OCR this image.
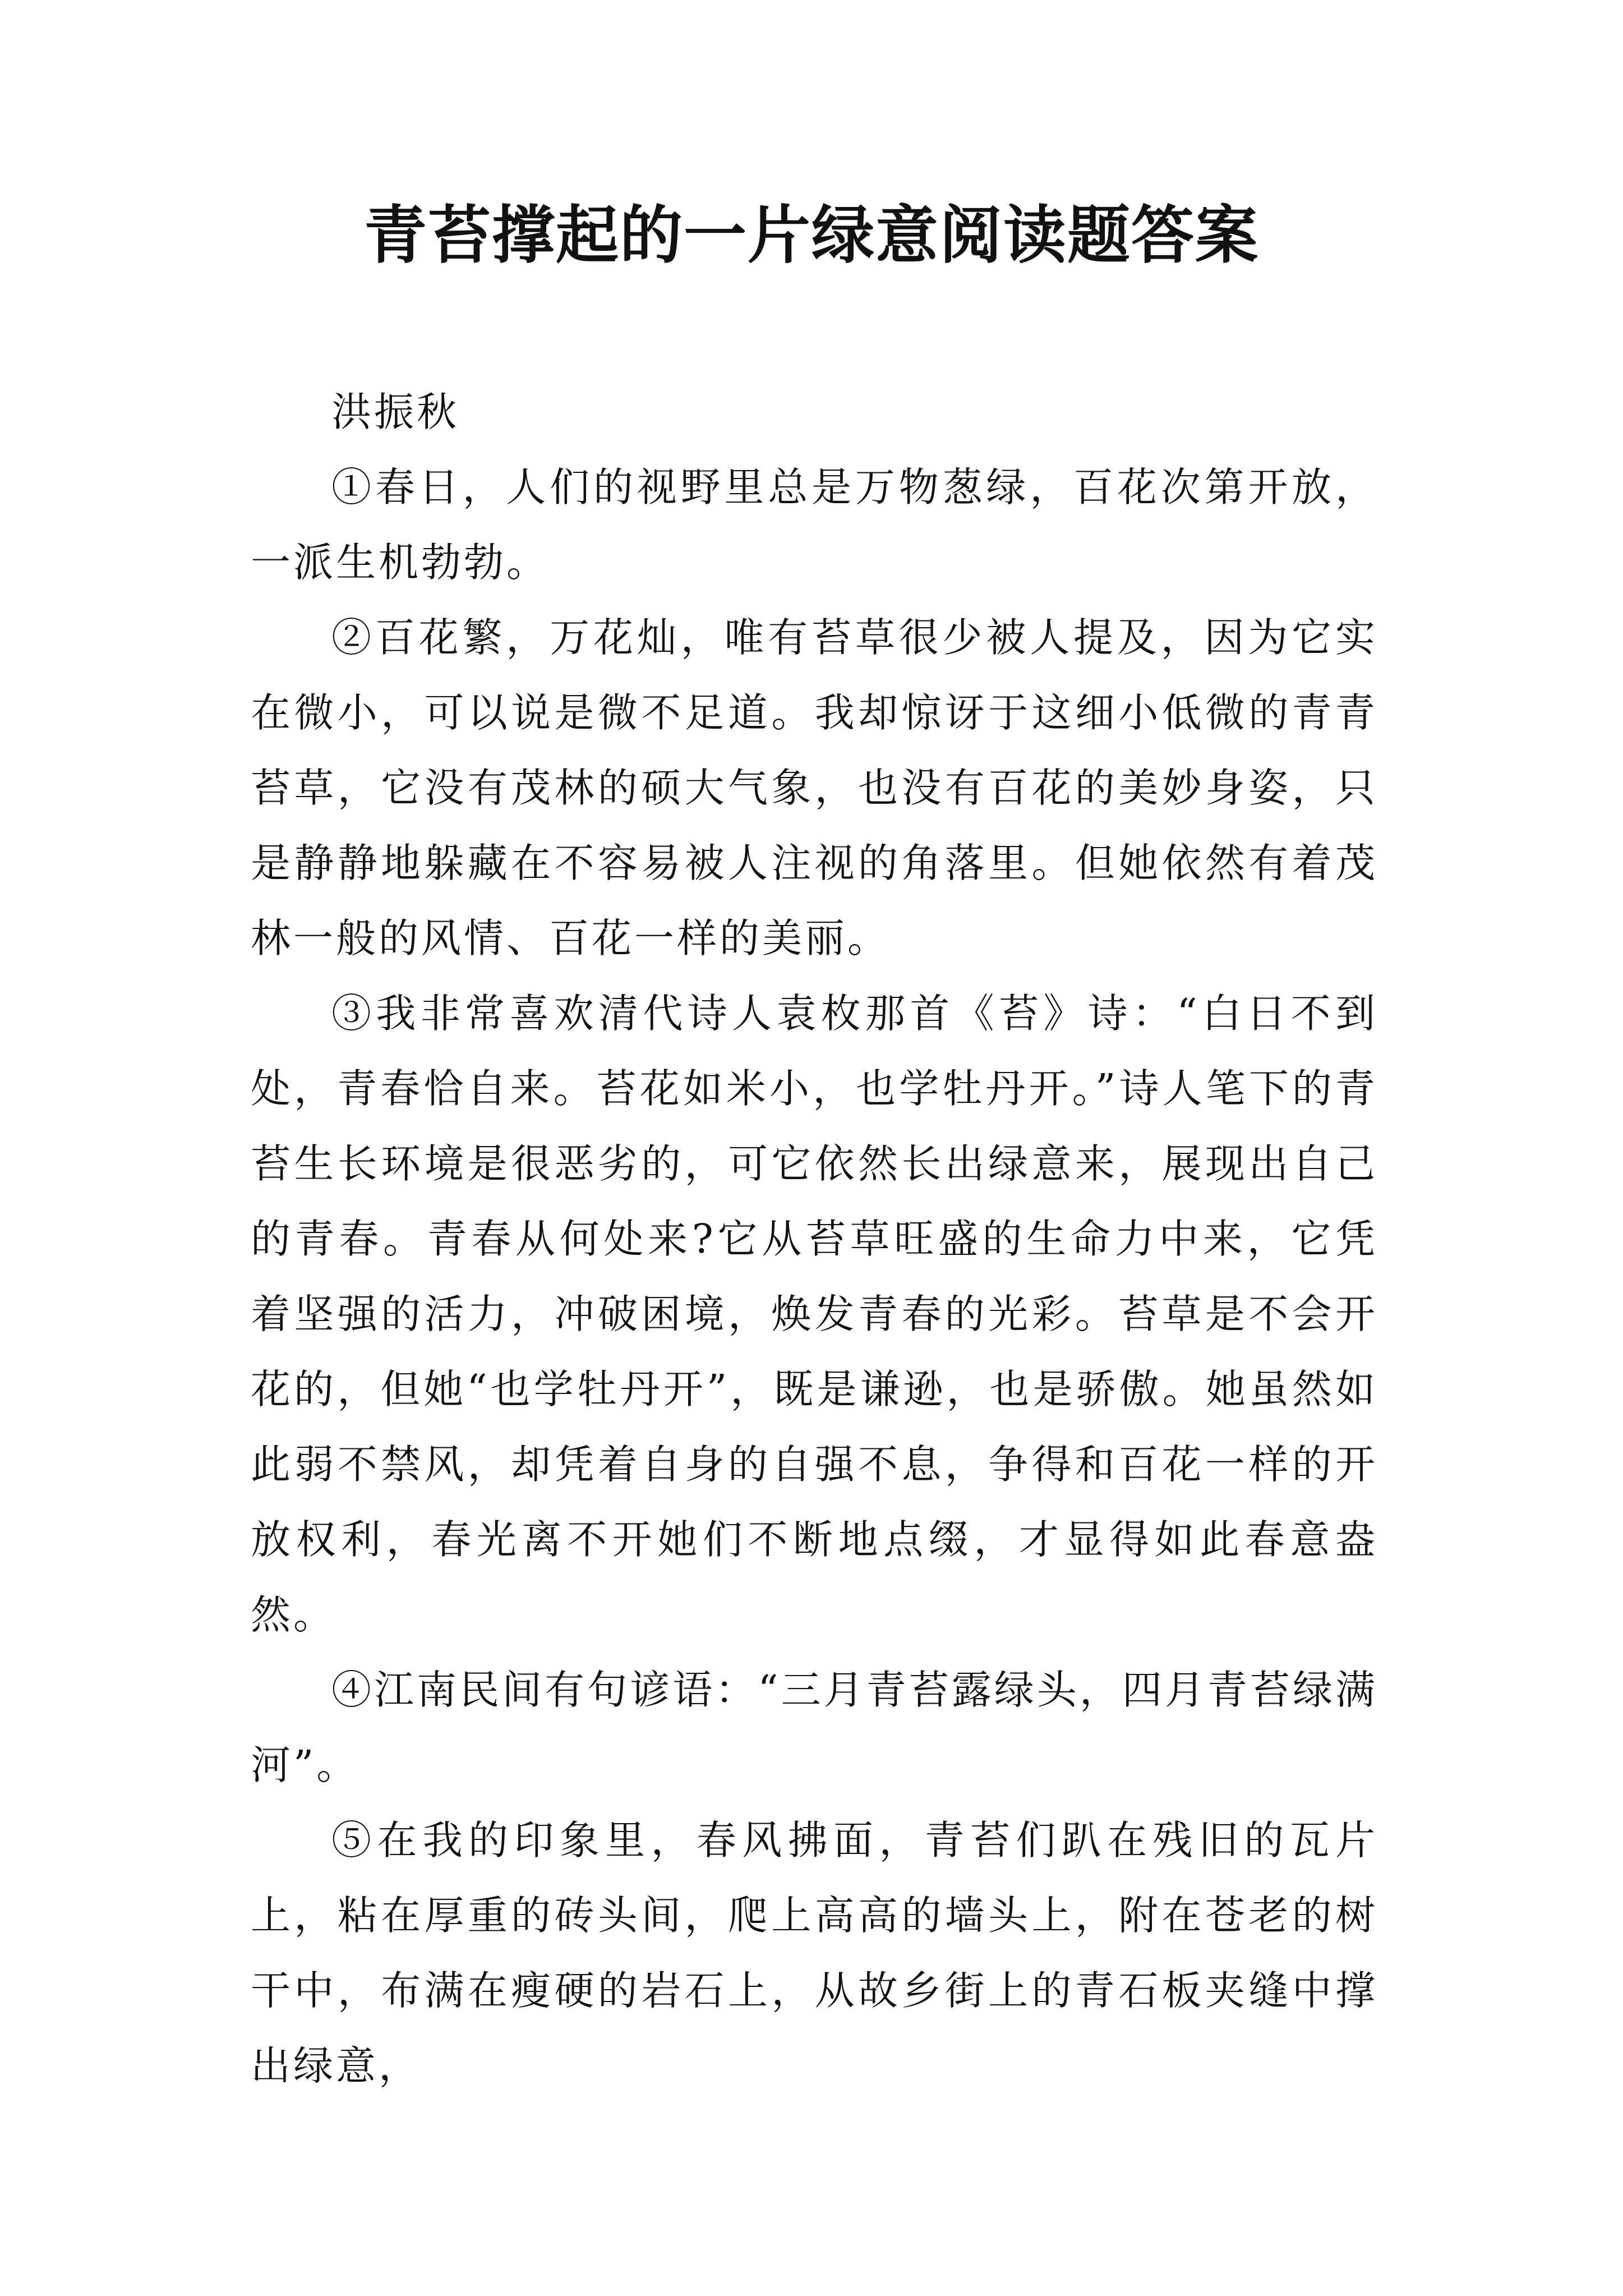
青苔撑起的一片绿意阅读题答案

洪振秋

①春日，人们的视野里总是万物葱绿，百花次第开放，一派生机勃勃。

②百花繁，万花灿，唯有苔草很少被人提及，因为它实在微小，可以说是微不足道。我却惊讶于这细小低微的青青苔草，它没有茂林的硕大气象，也没有百花的美妙身姿，只是静静地躲藏在不容易被人注视的角落里。但她依然有着茂林一般的风情、百花一样的美丽。

③我非常喜欢清代诗人袁枚那首《苔》诗：“白日不到处，青春恰自来。苔花如米小，也学牡丹开。”诗人笔下的青苔生长环境是很恶劣的，可它依然长出绿意来，展现出自己的青春。青春从何处来?它从苔草旺盛的生命力中来，它凭着坚强的活力，冲破困境，焕发青春的光彩。苔草是不会开花的，但她“也学牡丹开”，既是谦逊，也是骄傲。她虽然如此弱不禁风，却凭着自身的自强不息，争得和百花一样的开放权利，春光离不开她们不断地点缀，才显得如此春意盎然。

④江南民间有句谚语：“三月青苔露绿头，四月青苔绿满河”。

⑤在我的印象里，春风拂面，青苔们趴在残旧的瓦片上，粘在厚重的砖头间，爬上高高的墙头上，附在苍老的树干中，布满在瘦硬的岩石上，从故乡街上的青石板夹缝中撑出绿意，
